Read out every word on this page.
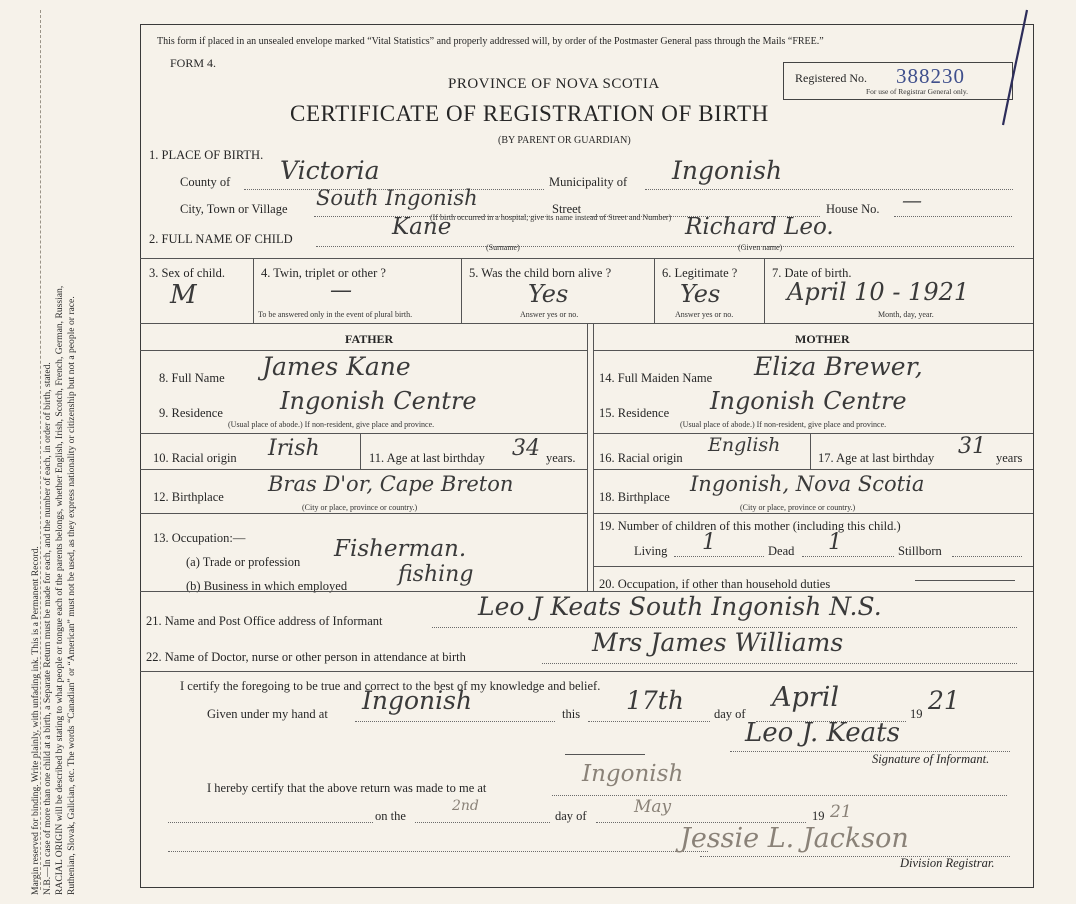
Margin reserved for binding. Write plainly, with unfading ink. This is a Permanent Record. N.B.—In case of more than one child at a birth, a Separate Return must be made for each, and the number of each, in order of birth, stated. RACIAL ORIGIN will be described by stating to what people or tongue each of the parents belongs, whether English, Irish, Scotch, French, German, Russian, Ruthenian, Slovak, Galician, etc. The words “Canadian” or “American” must not be used, as they express nationality or citizenship but not a people or race.
This form if placed in an unsealed envelope marked “Vital Statistics” and properly addressed will, by order of the Postmaster General pass through the Mails “FREE.”
FORM 4.
PROVINCE OF NOVA SCOTIA
CERTIFICATE OF REGISTRATION OF BIRTH
(BY PARENT OR GUARDIAN)
Registered No. 388230
For use of Registrar General only.
1. PLACE OF BIRTH.
County of Victoria	Municipality of Ingonish
City, Town or Village South Ingonish	Street	House No. —
(If birth occurred in a hospital, give its name instead of Street and Number)
2. FULL NAME OF CHILD	Kane
(Surname)
Richard Leo.
(Given name)
3. Sex of child.
M
4. Twin, triplet or other ?
—
To be answered only in the event of plural birth.
5. Was the child born alive ?
Yes
Answer yes or no.
6. Legitimate ?
Yes
Answer yes or no.
7. Date of birth.
April 10 - 1921
Month, day, year.
FATHER	MOTHER
8. Full Name James Kane
9. Residence Ingonish Centre
(Usual place of abode.) If non-resident, give place and province.
10. Racial origin Irish	11. Age at last birthday 34 years.
12. Birthplace
Bras D'or, Cape Breton
(City or place, province or country.)
13. Occupation:—
(a) Trade or profession Fisherman.
(b) Business in which employed fishing
14. Full Maiden Name Eliza Brewer,
15. Residence Ingonish Centre
(Usual place of abode.) If non-resident, give place and province.
16. Racial origin
English
17. Age at last birthday 31 years
18. Birthplace
Ingonish, Nova Scotia
(City or place, province or country.)
19. Number of children of this mother (including this child.)
Living 1	Dead 1	Stillborn
20. Occupation, if other than household duties
21. Name and Post Office address of Informant	Leo J Keats South Ingonish N.S.
22. Name of Doctor, nurse or other person in attendance at birth	Mrs James Williams
I certify the foregoing to be true and correct to the best of my knowledge and belief.
Given under my hand at Ingonish	this 17th day of
April
19 21
Leo J. Keats
Signature of Informant.
I hereby certify that the above return was made to me at
Ingonish
on the
2nd
day of	May	19 21
Jessie L. Jackson
Division Registrar.
